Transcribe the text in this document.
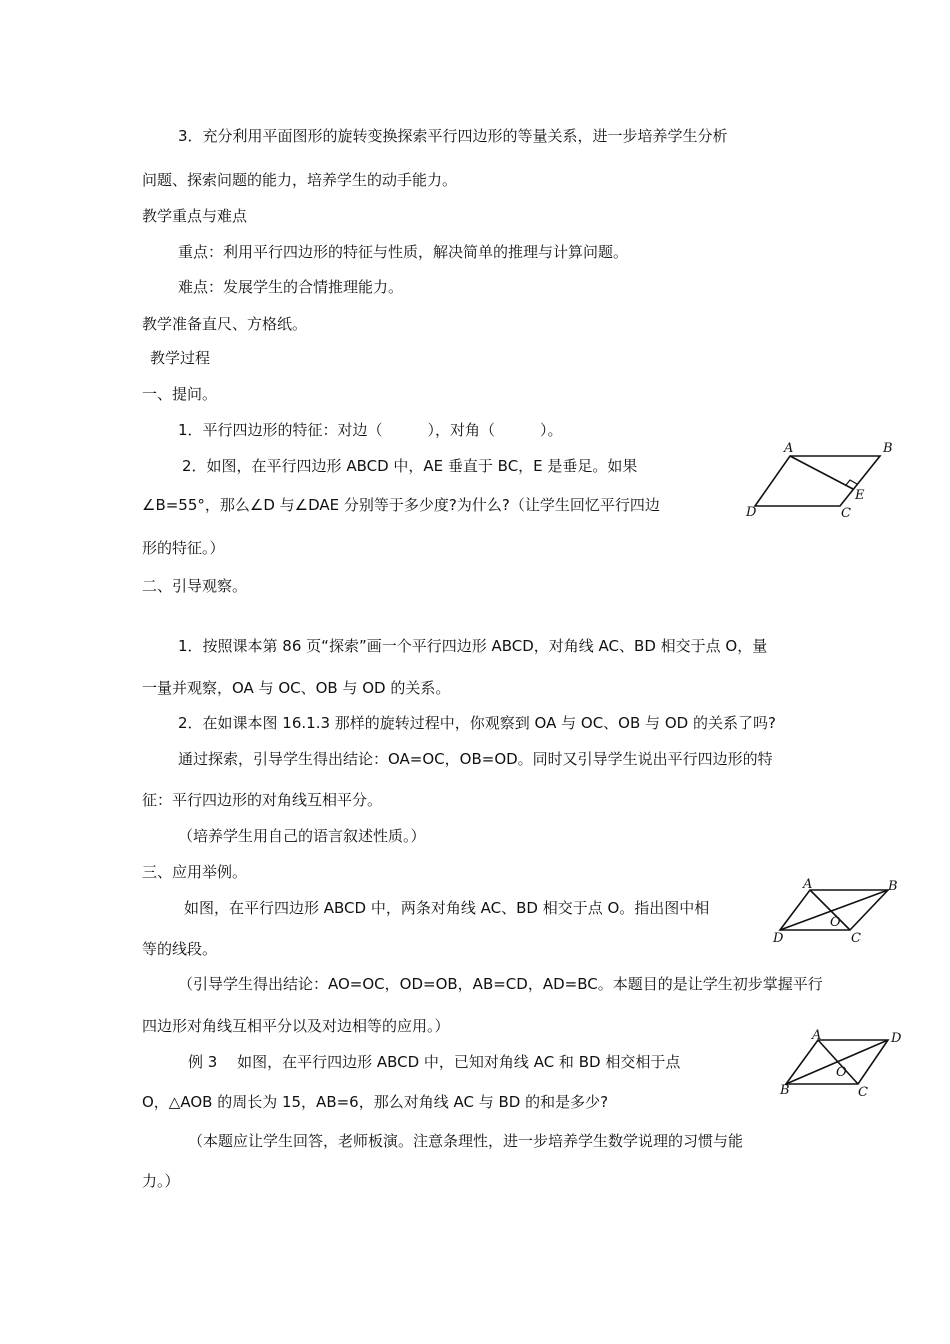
3．充分利用平面图形的旋转变换探索平行四边形的等量关系，进一步培养学生分析
问题、探索问题的能力，培养学生的动手能力。
教学重点与难点
重点：利用平行四边形的特征与性质，解决简单的推理与计算问题。
难点：发展学生的合情推理能力。
教学准备直尺、方格纸。
教学过程
一、提问。
1．平行四边形的特征：对边（　　　），对角（　　　）。
2．如图，在平行四边形 ABCD 中，AE 垂直于 BC，E 是垂足。如果
∠B=55°，那么∠D 与∠DAE 分别等于多少度?为什么?（让学生回忆平行四边
形的特征。）
二、引导观察。
1．按照课本第 86 页“探索”画一个平行四边形 ABCD，对角线 AC、BD 相交于点 O，量
一量并观察，OA 与 OC、OB 与 OD 的关系。
2．在如课本图 16.1.3 那样的旋转过程中，你观察到 OA 与 OC、OB 与 OD 的关系了吗?
通过探索，引导学生得出结论：OA=OC，OB=OD。同时又引导学生说出平行四边形的特
征：平行四边形的对角线互相平分。
（培养学生用自己的语言叙述性质。）
三、应用举例。
如图，在平行四边形 ABCD 中，两条对角线 AC、BD 相交于点 O。指出图中相
等的线段。
（引导学生得出结论：AO=OC，OD=OB，AB=CD，AD=BC。本题目的是让学生初步掌握平行
四边形对角线互相平分以及对边相等的应用。）
例 3　 如图，在平行四边形 ABCD 中，已知对角线 AC 和 BD 相交相于点
O，△AOB 的周长为 15，AB=6，那么对角线 AC 与 BD 的和是多少?
（本题应让学生回答，老师板演。注意条理性，进一步培养学生数学说理的习惯与能
力。）
A	B
C
D
E
A	B
C
D
O
A	D
C
B
O
